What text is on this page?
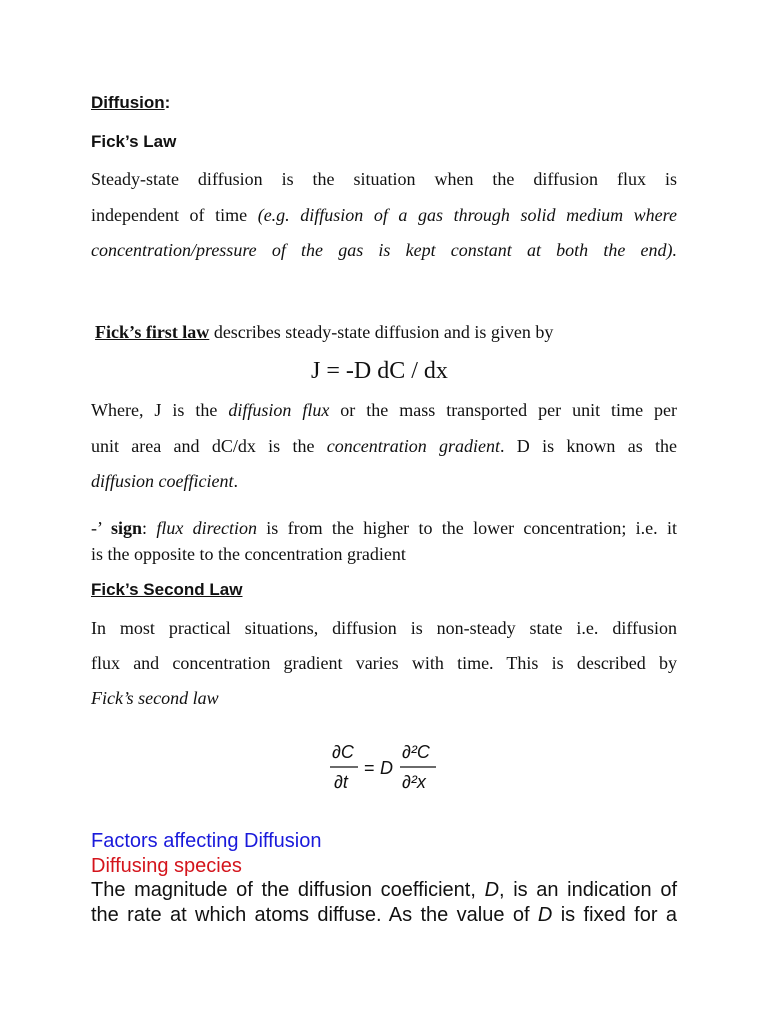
Diffusion:
Fick’s Law
Steady-state diffusion is the situation when the diffusion flux is
independent of time (e.g. diffusion of a gas through solid medium where
concentration/pressure of the gas is kept constant at both the end).
Fick’s first law describes steady-state diffusion and is given by
J = -D dC / dx
Where, J is the diffusion flux or the mass transported per unit time per
unit area and dC/dx is the concentration gradient. D is known as the
diffusion coefficient.
-’ sign: flux direction is from the higher to the lower concentration; i.e. it
is the opposite to the concentration gradient
Fick’s Second Law
In most practical situations, diffusion is non-steady state i.e. diffusion
flux and concentration gradient varies with time. This is described by
Fick’s second law
∂C
∂t
= D
∂²C
∂²x
Factors affecting Diffusion
Diffusing species
The magnitude of the diffusion coefficient, D, is an indication of
the rate at which atoms diffuse. As the value of D is fixed for a
